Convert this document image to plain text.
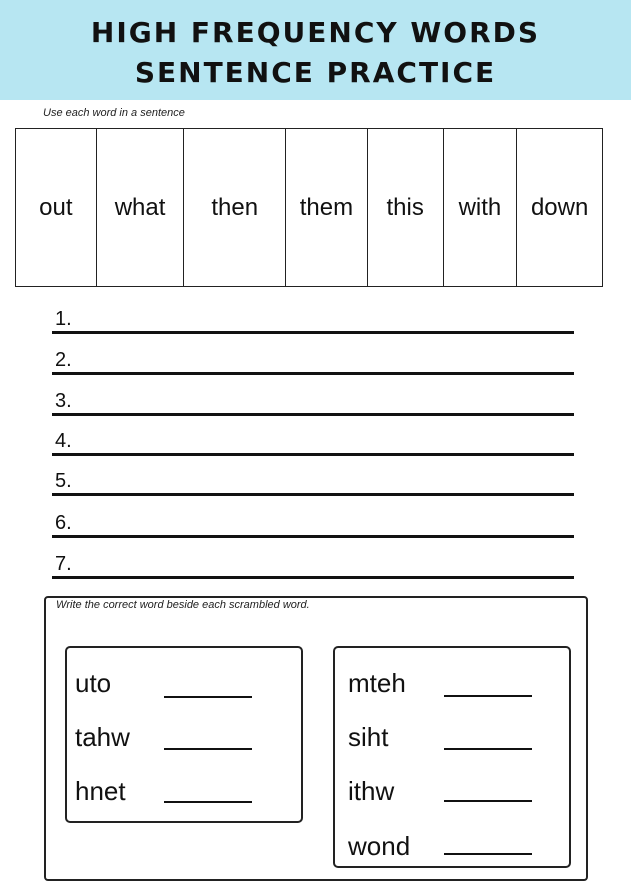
HIGH FREQUENCY WORDS
SENTENCE PRACTICE
Use each word in a sentence
out	what	then	them	this	with	down
1.
2.
3.
4.
5.
6.
7.
Write the correct word beside each scrambled word.
uto
tahw
hnet
mteh
siht
ithw
wond
